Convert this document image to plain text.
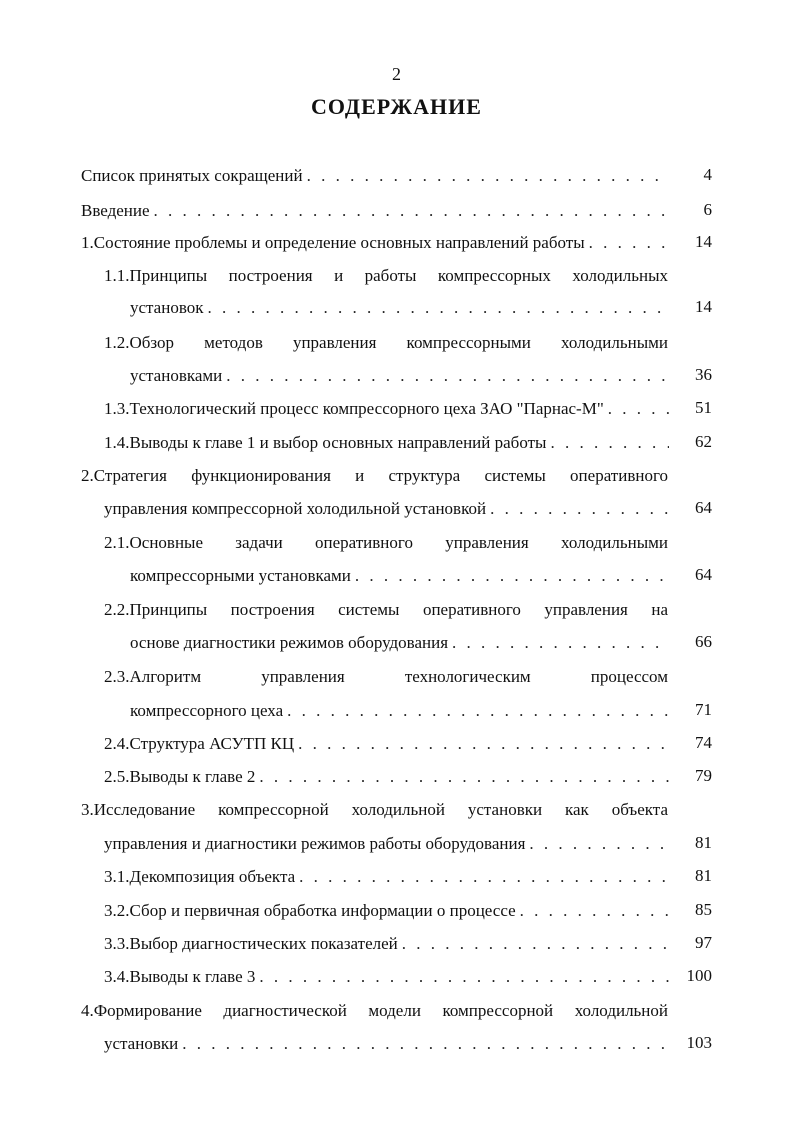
2
СОДЕРЖАНИЕ
Список принятых сокращений . . .	4
Введение . . .	6
1.Состояние проблемы и определение основных направлений работы . . .	14
1.1.Принципы построения и работы компрессорных холодильных
установок . . .	14
1.2.Обзор методов управления компрессорными холодильными
установками . . .	36
1.3.Технологический процесс компрессорного цеха ЗАО "Парнас-М" . . .	51
1.4.Выводы к главе 1 и выбор основных направлений работы . . .	62
2.Стратегия функционирования и структура системы оперативного
управления компрессорной холодильной установкой . . .	64
2.1.Основные задачи оперативного управления холодильными
компрессорными установками . . .	64
2.2.Принципы построения системы оперативного управления на
основе диагностики режимов оборудования . . .	66
2.3.Алгоритм управления технологическим процессом
компрессорного цеха . . .	71
2.4.Структура АСУТП КЦ . . .	74
2.5.Выводы к главе 2 . . .	79
3.Исследование компрессорной холодильной установки как объекта
управления и диагностики режимов работы оборудования . . .	81
3.1.Декомпозиция объекта . . .	81
3.2.Сбор и первичная обработка информации о процессе . . .	85
3.3.Выбор диагностических показателей . . .	97
3.4.Выводы к главе 3 . . .	100
4.Формирование диагностической модели компрессорной холодильной
установки . . .	103
